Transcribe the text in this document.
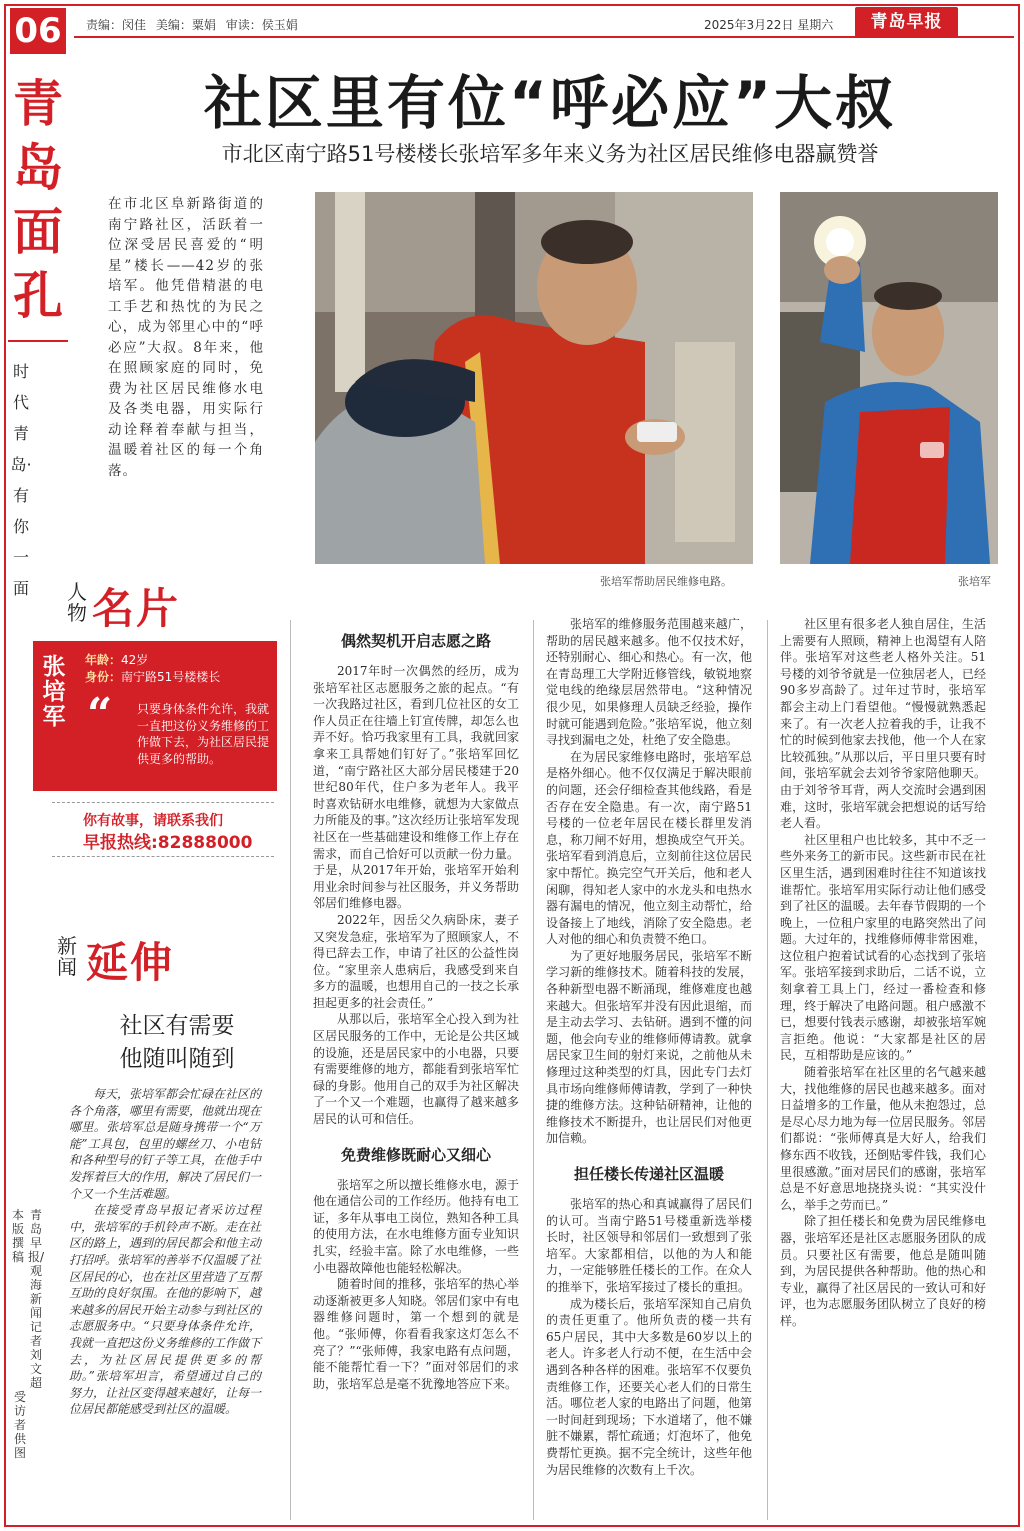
06	责编：闵佳 美编：粟娟 审读：侯玉娟	2025年3月22日 星期六	青岛早报
青岛面孔
时代青岛·有你一面
社区里有位“呼必应”大叔
市北区南宁路51号楼楼长张培军多年来义务为社区居民维修电器赢赞誉

在市北区阜新路街道的南宁路社区，活跃着一位深受居民喜爱的“明星”楼长——42岁的张培军。他凭借精湛的电工手艺和热忱的为民之心，成为邻里心中的“呼必应”大叔。8年来，他在照顾家庭的同时，免费为社区居民维修水电及各类电器，用实际行动诠释着奉献与担当，温暖着社区的每一个角落。

张培军帮助居民维修电路。	张培军
人物 名片
张培军
年龄：42岁
身份：南宁路51号楼楼长
“ 只要身体条件允许，我就一直把这份义务维修的工作做下去，为社区居民提供更多的帮助。
你有故事，请联系我们
早报热线:82888000
新闻 延伸
社区有需要
他随叫随到

每天，张培军都会忙碌在社区的各个角落，哪里有需要，他就出现在哪里。张培军总是随身携带一个“万能”工具包，包里的螺丝刀、小电钻和各种型号的钉子等工具，在他手中发挥着巨大的作用，解决了居民们一个又一个生活难题。

在接受青岛早报记者采访过程中，张培军的手机铃声不断。走在社区的路上，遇到的居民都会和他主动打招呼。张培军的善举不仅温暖了社区居民的心，也在社区里营造了互帮互助的良好氛围。在他的影响下，越来越多的居民开始主动参与到社区的志愿服务中。“只要身体条件允许，我就一直把这份义务维修的工作做下去，为社区居民提供更多的帮助。”张培军坦言，希望通过自己的努力，让社区变得越来越好，让每一位居民都能感受到社区的温暖。

本版撰稿
青岛早报/观海新闻记者 刘文超
受访者供图
偶然契机开启志愿之路

2017年时一次偶然的经历，成为张培军社区志愿服务之旅的起点。“有一次我路过社区，看到几位社区的女工作人员正在往墙上钉宣传牌，却怎么也弄不好。恰巧我家里有工具，我就回家拿来工具帮她们钉好了。”张培军回忆道，“南宁路社区大部分居民楼建于20世纪80年代，住户多为老年人。我平时喜欢钻研水电维修，就想为大家做点力所能及的事。”这次经历让张培军发现社区在一些基础建设和维修工作上存在需求，而自己恰好可以贡献一份力量。于是，从2017年开始，张培军开始利用业余时间参与社区服务，并义务帮助邻居们维修电器。

2022年，因岳父久病卧床，妻子又突发急症，张培军为了照顾家人，不得已辞去工作，申请了社区的公益性岗位。“家里亲人患病后，我感受到来自多方的温暖，也想用自己的一技之长承担起更多的社会责任。”

从那以后，张培军全心投入到为社区居民服务的工作中，无论是公共区域的设施，还是居民家中的小电器，只要有需要维修的地方，都能看到张培军忙碌的身影。他用自己的双手为社区解决了一个又一个难题，也赢得了越来越多居民的认可和信任。

免费维修既耐心又细心

张培军之所以擅长维修水电，源于他在通信公司的工作经历。他持有电工证，多年从事电工岗位，熟知各种工具的使用方法，在水电维修方面专业知识扎实，经验丰富。除了水电维修，一些小电器故障他也能轻松解决。

随着时间的推移，张培军的热心举动逐渐被更多人知晓。邻居们家中有电器维修问题时，第一个想到的就是他。“张师傅，你看看我家这灯怎么不亮了？”“张师傅，我家电路有点问题，能不能帮忙看一下？”面对邻居们的求助，张培军总是毫不犹豫地答应下来。

张培军的维修服务范围越来越广，帮助的居民越来越多。他不仅技术好，还特别耐心、细心和热心。有一次，他在青岛理工大学附近修管线，敏锐地察觉电线的绝缘层居然带电。“这种情况很少见，如果修理人员缺乏经验，操作时就可能遇到危险。”张培军说，他立刻寻找到漏电之处，杜绝了安全隐患。

在为居民家维修电路时，张培军总是格外细心。他不仅仅满足于解决眼前的问题，还会仔细检查其他线路，看是否存在安全隐患。有一次，南宁路51号楼的一位老年居民在楼长群里发消息，称刀闸不好用，想换成空气开关。张培军看到消息后，立刻前往这位居民家中帮忙。换完空气开关后，他和老人闲聊，得知老人家中的水龙头和电热水器有漏电的情况，他立刻主动帮忙，给设备接上了地线，消除了安全隐患。老人对他的细心和负责赞不绝口。

为了更好地服务居民，张培军不断学习新的维修技术。随着科技的发展，各种新型电器不断涌现，维修难度也越来越大。但张培军并没有因此退缩，而是主动去学习、去钻研。遇到不懂的问题，他会向专业的维修师傅请教。就拿居民家卫生间的射灯来说，之前他从未修理过这种类型的灯具，因此专门去灯具市场向维修师傅请教，学到了一种快捷的维修方法。这种钻研精神，让他的维修技术不断提升，也让居民们对他更加信赖。

担任楼长传递社区温暖

张培军的热心和真诚赢得了居民们的认可。当南宁路51号楼重新选举楼长时，社区领导和邻居们一致想到了张培军。大家都相信，以他的为人和能力，一定能够胜任楼长的工作。在众人的推举下，张培军接过了楼长的重担。

成为楼长后，张培军深知自己肩负的责任更重了。他所负责的楼一共有65户居民，其中大多数是60岁以上的老人。许多老人行动不便，在生活中会遇到各种各样的困难。张培军不仅要负责维修工作，还要关心老人们的日常生活。哪位老人家的电路出了问题，他第一时间赶到现场；下水道堵了，他不嫌脏不嫌累，帮忙疏通；灯泡坏了，他免费帮忙更换。据不完全统计，这些年他为居民维修的次数有上千次。

社区里有很多老人独自居住，生活上需要有人照顾，精神上也渴望有人陪伴。张培军对这些老人格外关注。51号楼的刘爷爷就是一位独居老人，已经90多岁高龄了。过年过节时，张培军都会主动上门看望他。“慢慢就熟悉起来了。有一次老人拉着我的手，让我不忙的时候到他家去找他，他一个人在家比较孤独。”从那以后，平日里只要有时间，张培军就会去刘爷爷家陪他聊天。由于刘爷爷耳背，两人交流时会遇到困难，这时，张培军就会把想说的话写给老人看。

社区里租户也比较多，其中不乏一些外来务工的新市民。这些新市民在社区里生活，遇到困难时往往不知道该找谁帮忙。张培军用实际行动让他们感受到了社区的温暖。去年春节假期的一个晚上，一位租户家里的电路突然出了问题。大过年的，找维修师傅非常困难，这位租户抱着试试看的心态找到了张培军。张培军接到求助后，二话不说，立刻拿着工具上门，经过一番检查和修理，终于解决了电路问题。租户感激不已，想要付钱表示感谢，却被张培军婉言拒绝。他说：“大家都是社区的居民，互相帮助是应该的。”

随着张培军在社区里的名气越来越大，找他维修的居民也越来越多。面对日益增多的工作量，他从未抱怨过，总是尽心尽力地为每一位居民服务。邻居们都说：“张师傅真是大好人，给我们修东西不收钱，还倒贴零件钱，我们心里很感激。”面对居民们的感谢，张培军总是不好意思地挠挠头说：“其实没什么，举手之劳而已。”

除了担任楼长和免费为居民维修电器，张培军还是社区志愿服务团队的成员。只要社区有需要，他总是随叫随到，为居民提供各种帮助。他的热心和专业，赢得了社区居民的一致认可和好评，也为志愿服务团队树立了良好的榜样。
